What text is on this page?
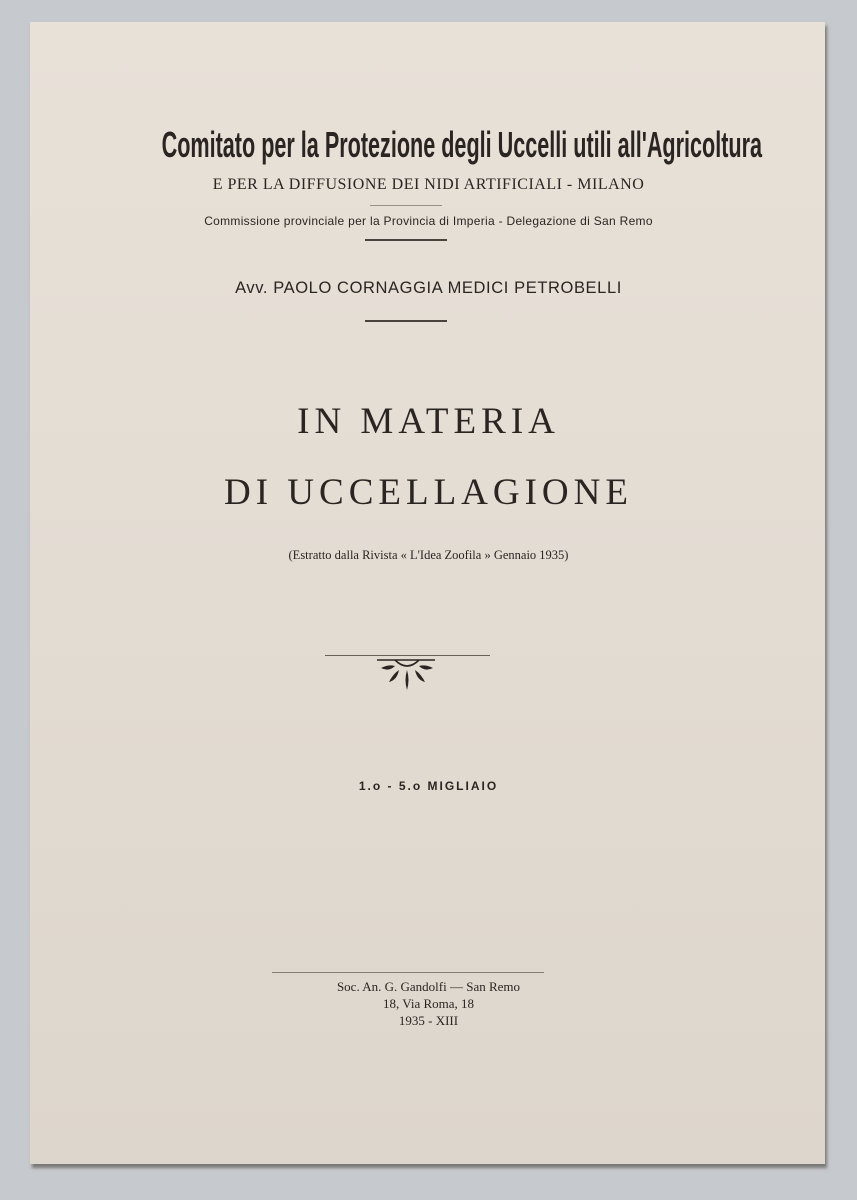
Comitato per la Protezione degli Uccelli utili all'Agricoltura
E PER LA DIFFUSIONE DEI NIDI ARTIFICIALI - MILANO
Commissione provinciale per la Provincia di Imperia - Delegazione di San Remo
Avv. PAOLO CORNAGGIA MEDICI PETROBELLI
IN MATERIA
DI UCCELLAGIONE
(Estratto dalla Rivista « L'Idea Zoofila » Gennaio 1935)
1.o - 5.o MIGLIAIO
Soc. An. G. Gandolfi — San Remo
18, Via Roma, 18
1935 - XIII
